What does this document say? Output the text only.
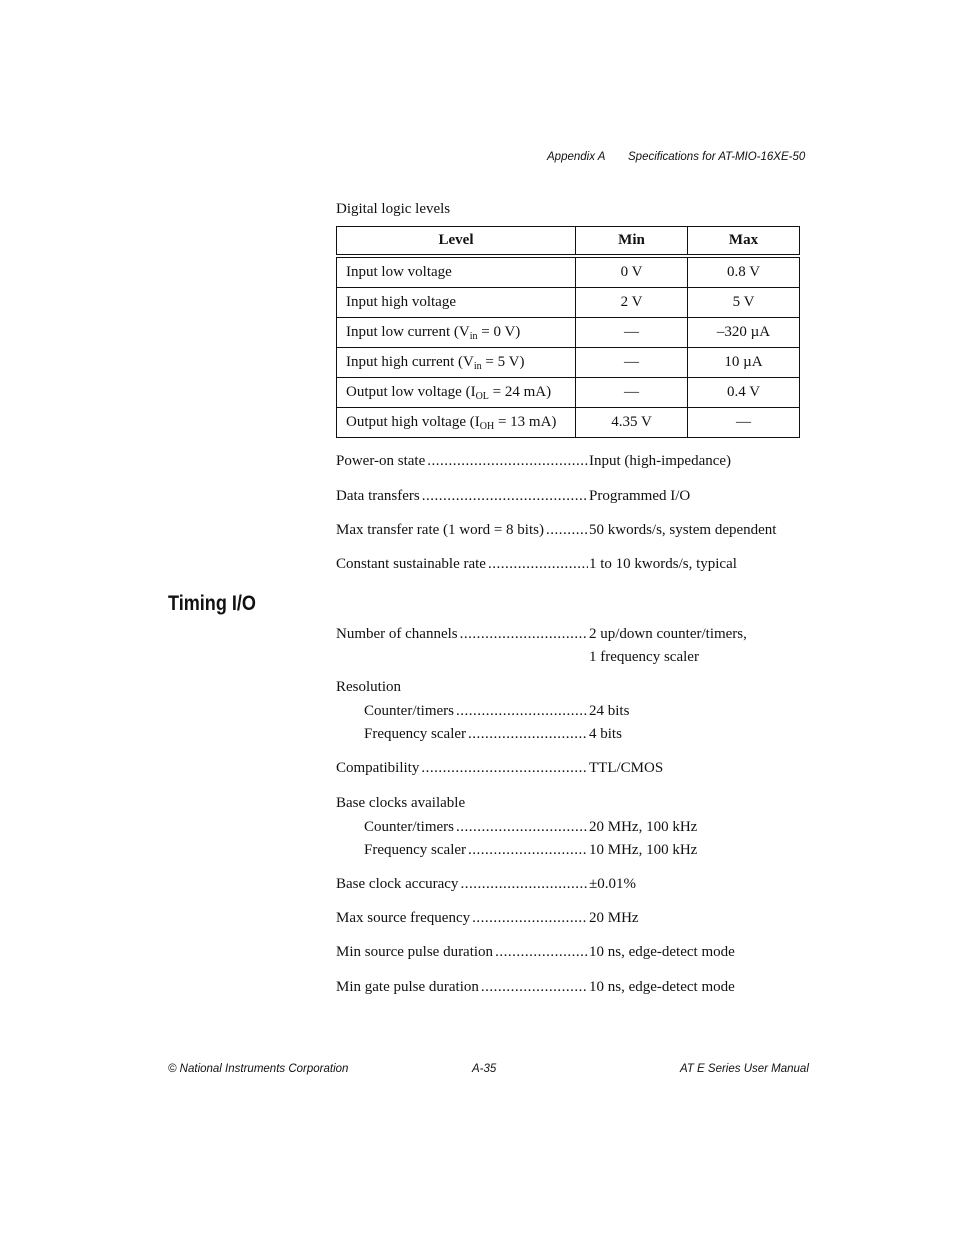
Appendix A Specifications for AT-MIO-16XE-50
Digital logic levels
Level	Min	Max
Input low voltage	0 V	0.8 V
Input high voltage	2 V	5 V
Input low current ($V_{in} = 0$ V)	—	–320 µA
Input high current ($V_{in} = 5$ V)	—	10 µA
Output low voltage ($I_{OL} = 24$ mA)	—	0.4 V
Output high voltage ($I_{OH} = 13$ mA)	4.35 V	—
Power-on state .....	Input (high-impedance)
Data transfers .....	Programmed I/O
Max transfer rate (1 word = 8 bits) .....	50 kwords/s, system dependent
Constant sustainable rate .....	1 to 10 kwords/s, typical
Timing I/O
Number of channels .....	2 up/down counter/timers,
1 frequency scaler
Resolution
Counter/timers .....	24 bits
Frequency scaler .....	4 bits
Compatibility .....	TTL/CMOS
Base clocks available
Counter/timers .....	20 MHz, 100 kHz
Frequency scaler .....	10 MHz, 100 kHz
Base clock accuracy .....	±0.01%
Max source frequency .....	20 MHz
Min source pulse duration .....	10 ns, edge-detect mode
Min gate pulse duration .....	10 ns, edge-detect mode
© National Instruments Corporation	A-35	AT E Series User Manual
